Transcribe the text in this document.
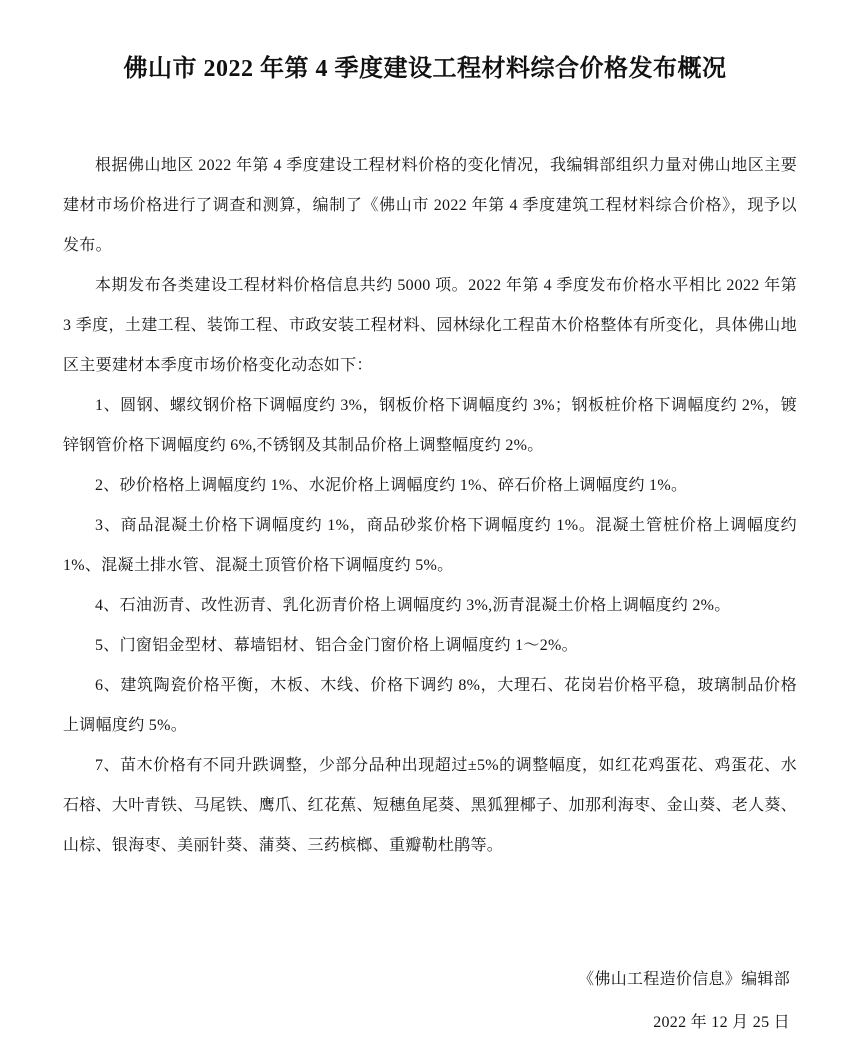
佛山市 2022 年第 4 季度建设工程材料综合价格发布概况

根据佛山地区 2022 年第 4 季度建设工程材料价格的变化情况，我编辑部组织力量对佛山地区主要建材市场价格进行了调查和测算，编制了《佛山市 2022 年第 4 季度建筑工程材料综合价格》，现予以发布。

本期发布各类建设工程材料价格信息共约 5000 项。2022 年第 4 季度发布价格水平相比 2022 年第 3 季度，土建工程、装饰工程、市政安装工程材料、园林绿化工程苗木价格整体有所变化，具体佛山地区主要建材本季度市场价格变化动态如下：

1、圆钢、螺纹钢价格下调幅度约 3%，钢板价格下调幅度约 3%；钢板桩价格下调幅度约 2%，镀锌钢管价格下调幅度约 6%,不锈钢及其制品价格上调整幅度约 2%。

2、砂价格格上调幅度约 1%、水泥价格上调幅度约 1%、碎石价格上调幅度约 1%。

3、商品混凝土价格下调幅度约 1%，商品砂浆价格下调幅度约 1%。混凝土管桩价格上调幅度约 1%、混凝土排水管、混凝土顶管价格下调幅度约 5%。

4、石油沥青、改性沥青、乳化沥青价格上调幅度约 3%,沥青混凝土价格上调幅度约 2%。

5、门窗铝金型材、幕墙铝材、铝合金门窗价格上调幅度约 1～2%。

6、建筑陶瓷价格平衡，木板、木线、价格下调约 8%，大理石、花岗岩价格平稳，玻璃制品价格上调幅度约 5%。

7、苗木价格有不同升跌调整，少部分品种出现超过±5%的调整幅度，如红花鸡蛋花、鸡蛋花、水石榕、大叶青铁、马尾铁、鹰爪、红花蕉、短穗鱼尾葵、黑狐狸椰子、加那利海枣、金山葵、老人葵、山棕、银海枣、美丽针葵、蒲葵、三药槟榔、重瓣勒杜鹃等。

《佛山工程造价信息》编辑部

2022 年 12 月 25 日
